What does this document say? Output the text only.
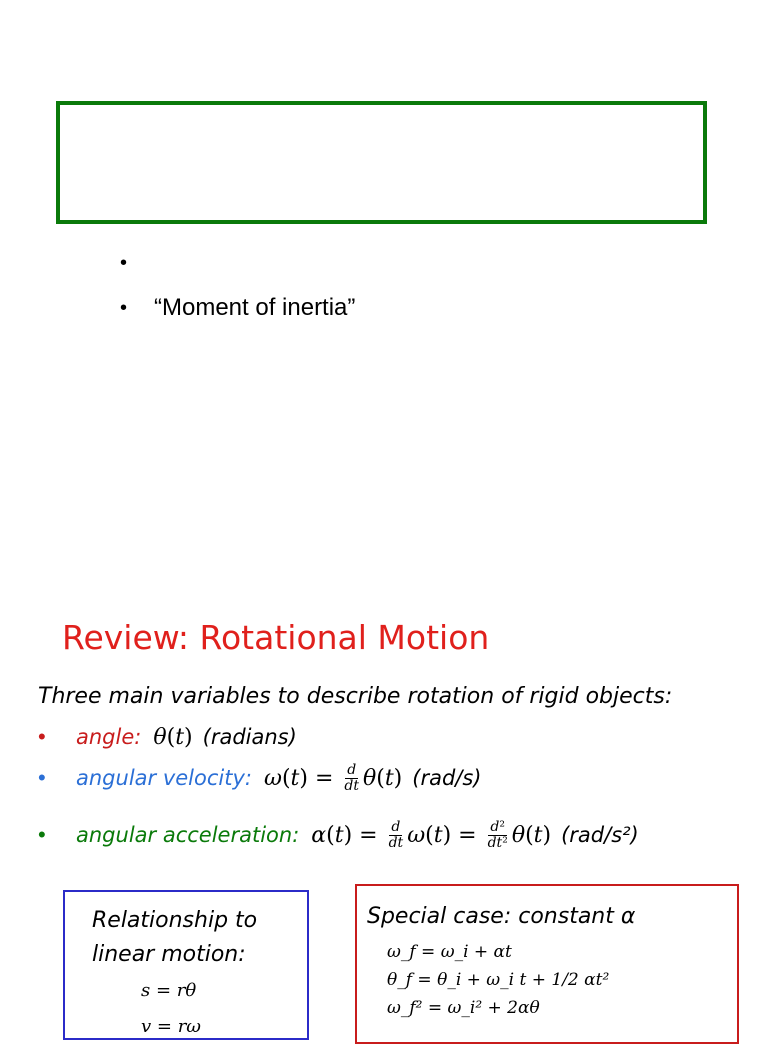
•
•	“Moment of inertia”
Review: Rotational Motion
Three main variables to describe rotation of rigid objects:
•	angle: θ ( t ) (radians)
•	angular velocity: ω ( t ) = $\frac{d}{dt}$ θ ( t ) (rad/s)
•	angular acceleration: α ( t ) = $\frac{d}{dt}$ ω ( t ) = $\frac{\text{d²}}{\text{dt²}}$ θ ( t ) (rad/s²)
Relationship to linear motion:
s = rθ
v = rω
Special case: constant α
ω_f = ω_i + αt
θ_f = θ_i + ω_i t + 1/2 αt²
ω_f² = ω_i² + 2αθ
